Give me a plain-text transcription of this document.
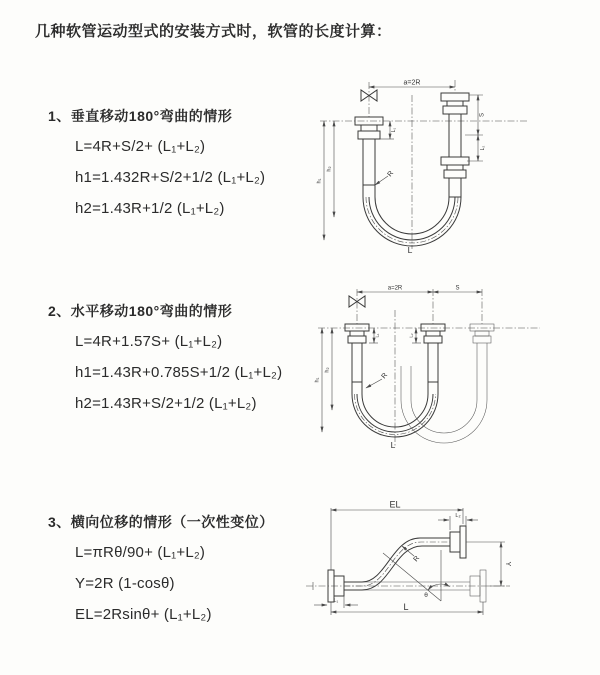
几种软管运动型式的安装方式时，软管的长度计算：
1、垂直移动180°弯曲的情形
L=4R+S/2+ (L₁+L₂)
h1=1.432R+S/2+1/2 (L₁+L₂)
h2=1.43R+1/2 (L₁+L₂)
a=2R
S
L₂
h₁
h₂
L₁
R
L
2、水平移动180°弯曲的情形
L=4R+1.57S+ (L₁+L₂)
h1=1.43R+0.785S+1/2 (L₁+L₂)
h2=1.43R+S/2+1/2 (L₁+L₂)
a=2R	S
h₁
h₂
L₁	L₂
R
L
3、横向位移的情形（一次性变位）
L=πRθ/90+ (L₁+L₂)
Y=2R (1-cosθ)
EL=2Rsinθ+ (L₁+L₂)
θ
EL
L₂
Y
L
L₁
R
